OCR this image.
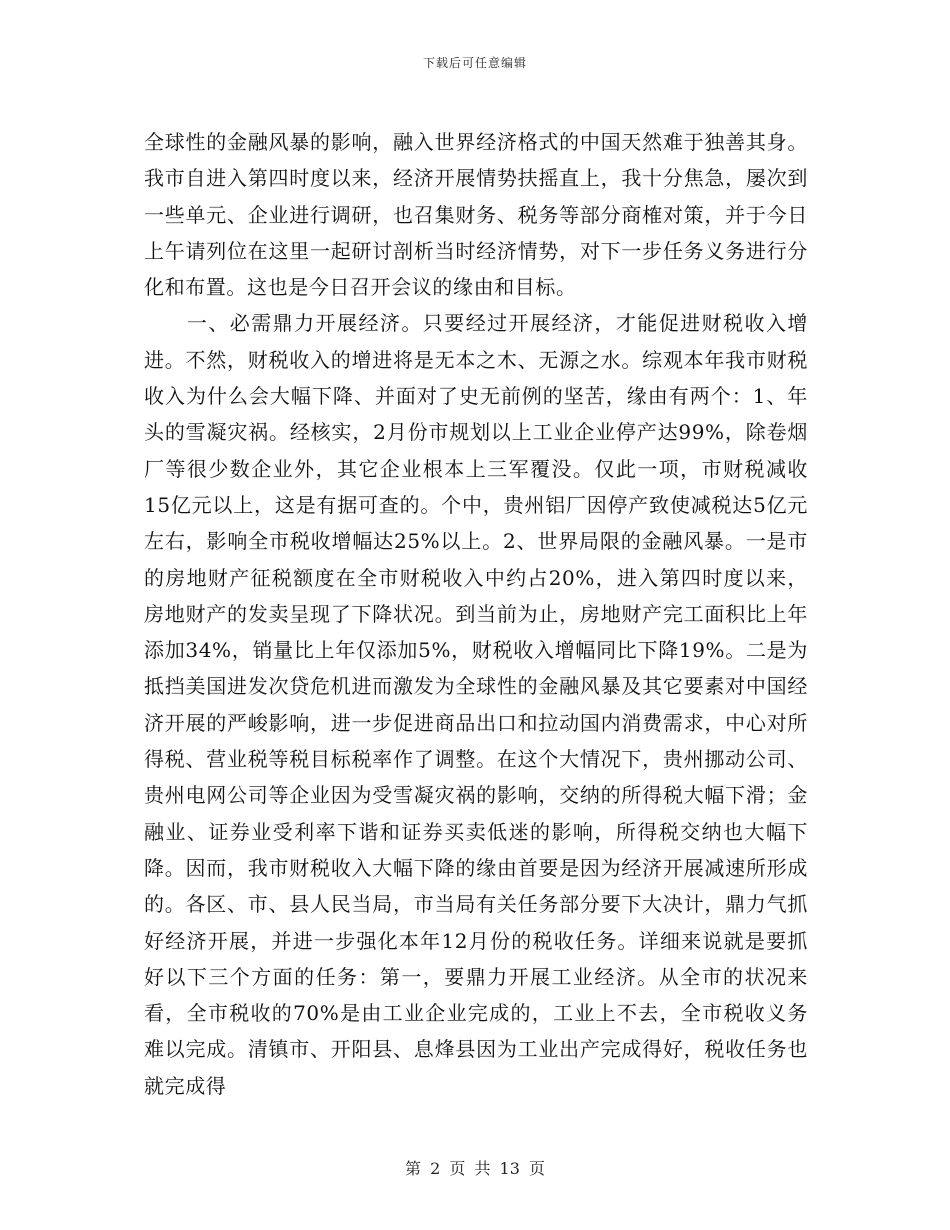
下载后可任意编辑

全球性的金融风暴的影响，融入世界经济格式的中国天然难于独善其身。我市自进入第四时度以来，经济开展情势扶摇直上，我十分焦急，屡次到一些单元、企业进行调研，也召集财务、税务等部分商榷对策，并于今日上午请列位在这里一起研讨剖析当时经济情势，对下一步任务义务进行分化和布置。这也是今日召开会议的缘由和目标。

　　一、必需鼎力开展经济。只要经过开展经济，才能促进财税收入增进。不然，财税收入的增进将是无本之木、无源之水。综观本年我市财税收入为什么会大幅下降、并面对了史无前例的坚苦，缘由有两个：1、年头的雪凝灾祸。经核实，2月份市规划以上工业企业停产达99%，除卷烟厂等很少数企业外，其它企业根本上三军覆没。仅此一项，市财税减收15亿元以上，这是有据可查的。个中，贵州铝厂因停产致使减税达5亿元左右，影响全市税收增幅达25%以上。2、世界局限的金融风暴。一是市的房地财产征税额度在全市财税收入中约占20%，进入第四时度以来，房地财产的发卖呈现了下降状况。到当前为止，房地财产完工面积比上年添加34%，销量比上年仅添加5%，财税收入增幅同比下降19%。二是为抵挡美国进发次贷危机进而激发为全球性的金融风暴及其它要素对中国经济开展的严峻影响，进一步促进商品出口和拉动国内消费需求，中心对所得税、营业税等税目标税率作了调整。在这个大情况下，贵州挪动公司、贵州电网公司等企业因为受雪凝灾祸的影响，交纳的所得税大幅下滑；金融业、证券业受利率下谐和证券买卖低迷的影响，所得税交纳也大幅下降。因而，我市财税收入大幅下降的缘由首要是因为经济开展减速所形成的。各区、市、县人民当局，市当局有关任务部分要下大决计，鼎力气抓好经济开展，并进一步强化本年12月份的税收任务。详细来说就是要抓好以下三个方面的任务：第一，要鼎力开展工业经济。从全市的状况来看，全市税收的70%是由工业企业完成的，工业上不去，全市税收义务难以完成。清镇市、开阳县、息烽县因为工业出产完成得好，税收任务也就完成得

第 2 页 共 13 页
